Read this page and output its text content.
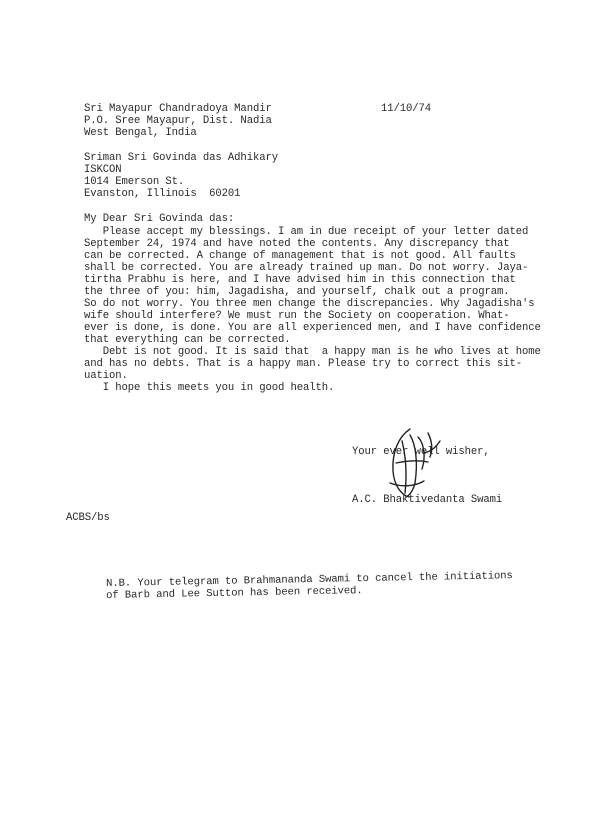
Sri Mayapur Chandradoya Mandir
P.O. Sree Mayapur, Dist. Nadia
West Bengal, India
11/10/74
Sriman Sri Govinda das Adhikary
ISKCON
1014 Emerson St.
Evanston, Illinois  60201
My Dear Sri Govinda das:
Please accept my blessings. I am in due receipt of your letter dated
September 24, 1974 and have noted the contents. Any discrepancy that
can be corrected. A change of management that is not good. All faults
shall be corrected. You are already trained up man. Do not worry. Jaya-
tirtha Prabhu is here, and I have advised him in this connection that
the three of you: him, Jagadisha, and yourself, chalk out a program.
So do not worry. You three men change the discrepancies. Why Jagadisha's
wife should interfere? We must run the Society on cooperation. What-
ever is done, is done. You are all experienced men, and I have confidence
that everything can be corrected.
Debt is not good. It is said that  a happy man is he who lives at home
and has no debts. That is a happy man. Please try to correct this sit-
uation.
I hope this meets you in good health.
Your ever well wisher,
A.C. Bhaktivedanta Swami
ACBS/bs
N.B. Your telegram to Brahmananda Swami to cancel the initiations
of Barb and Lee Sutton has been received.
